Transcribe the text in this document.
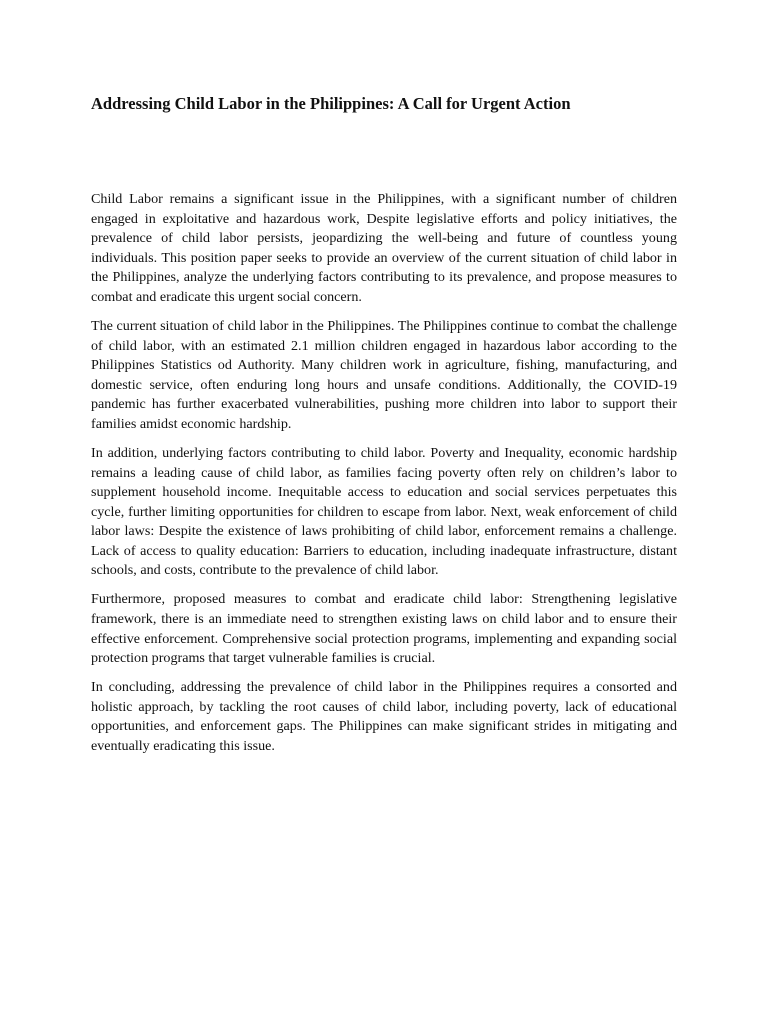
Addressing Child Labor in the Philippines: A Call for Urgent Action

Child Labor remains a significant issue in the Philippines, with a significant number of children engaged in exploitative and hazardous work, Despite legislative efforts and policy initiatives, the prevalence of child labor persists, jeopardizing the well-being and future of countless young individuals. This position paper seeks to provide an overview of the current situation of child labor in the Philippines, analyze the underlying factors contributing to its prevalence, and propose measures to combat and eradicate this urgent social concern.

The current situation of child labor in the Philippines. The Philippines continue to combat the challenge of child labor, with an estimated 2.1 million children engaged in hazardous labor according to the Philippines Statistics od Authority. Many children work in agriculture, fishing, manufacturing, and domestic service, often enduring long hours and unsafe conditions. Additionally, the COVID-19 pandemic has further exacerbated vulnerabilities, pushing more children into labor to support their families amidst economic hardship.

In addition, underlying factors contributing to child labor. Poverty and Inequality, economic hardship remains a leading cause of child labor, as families facing poverty often rely on children’s labor to supplement household income. Inequitable access to education and social services perpetuates this cycle, further limiting opportunities for children to escape from labor. Next, weak enforcement of child labor laws: Despite the existence of laws prohibiting of child labor, enforcement remains a challenge. Lack of access to quality education: Barriers to education, including inadequate infrastructure, distant schools, and costs, contribute to the prevalence of child labor.

Furthermore, proposed measures to combat and eradicate child labor: Strengthening legislative framework, there is an immediate need to strengthen existing laws on child labor and to ensure their effective enforcement. Comprehensive social protection programs, implementing and expanding social protection programs that target vulnerable families is crucial.

In concluding, addressing the prevalence of child labor in the Philippines requires a consorted and holistic approach, by tackling the root causes of child labor, including poverty, lack of educational opportunities, and enforcement gaps. The Philippines can make significant strides in mitigating and eventually eradicating this issue.
